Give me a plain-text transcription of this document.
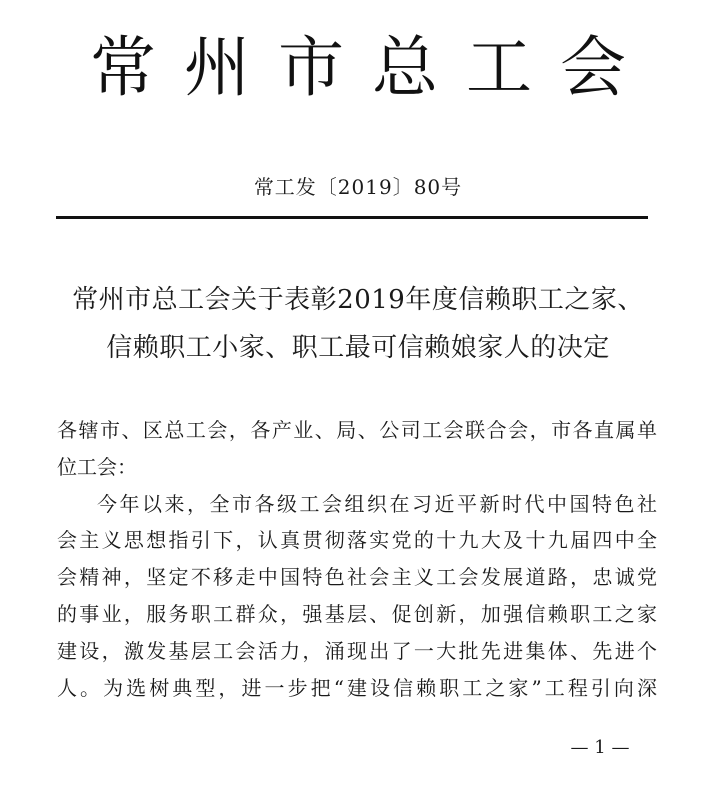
常州市总工会
常工发〔2019〕80号
常州市总工会关于表彰2019年度信赖职工之家、
信赖职工小家、职工最可信赖娘家人的决定
各辖市、区总工会，各产业、局、公司工会联合会，市各直属单
位工会：
今年以来，全市各级工会组织在习近平新时代中国特色社
会主义思想指引下，认真贯彻落实党的十九大及十九届四中全
会精神，坚定不移走中国特色社会主义工会发展道路，忠诚党
的事业，服务职工群众，强基层、促创新，加强信赖职工之家
建设，激发基层工会活力，涌现出了一大批先进集体、先进个
人。为选树典型，进一步把“建设信赖职工之家”工程引向深
— 1 —
